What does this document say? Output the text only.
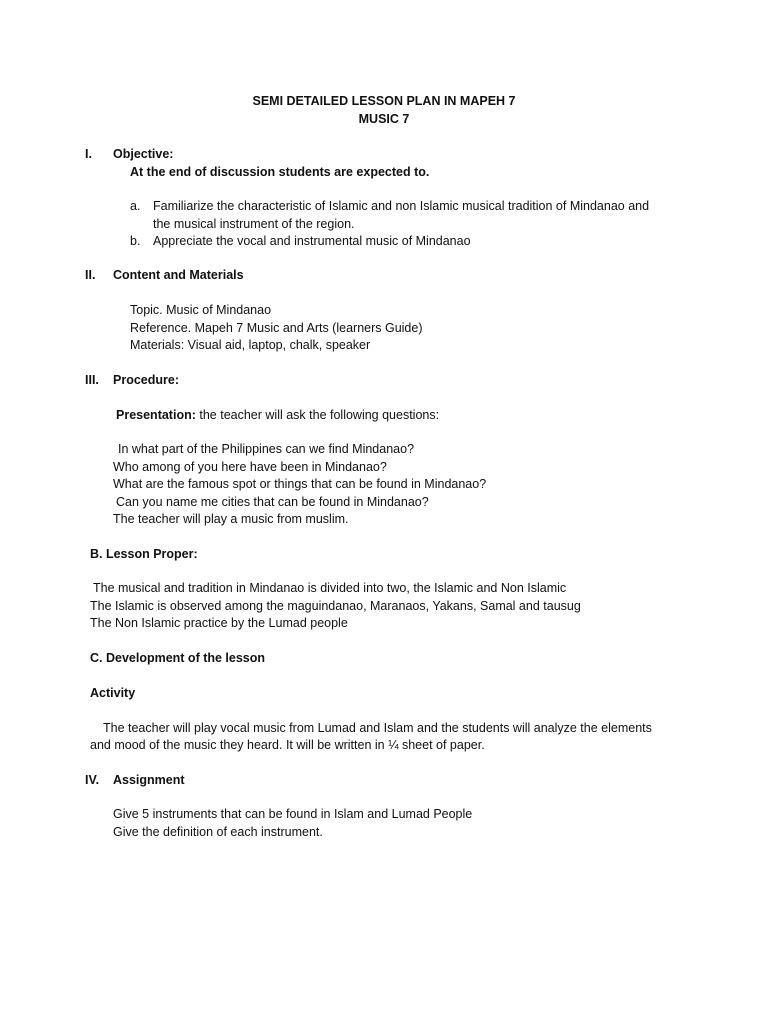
SEMI DETAILED LESSON PLAN IN MAPEH 7
MUSIC 7
I. Objective:
At the end of discussion students are expected to.
a. Familiarize the characteristic of Islamic and non Islamic musical tradition of Mindanao and
the musical instrument of the region.
b. Appreciate the vocal and instrumental music of Mindanao
II. Content and Materials
Topic. Music of Mindanao
Reference. Mapeh 7 Music and Arts (learners Guide)
Materials: Visual aid, laptop, chalk, speaker
III. Procedure:
Presentation: the teacher will ask the following questions:
In what part of the Philippines can we find Mindanao?
Who among of you here have been in Mindanao?
What are the famous spot or things that can be found in Mindanao?
Can you name me cities that can be found in Mindanao?
The teacher will play a music from muslim.
B. Lesson Proper:
The musical and tradition in Mindanao is divided into two, the Islamic and Non Islamic
The Islamic is observed among the maguindanao, Maranaos, Yakans, Samal and tausug
The Non Islamic practice by the Lumad people
C. Development of the lesson
Activity
The teacher will play vocal music from Lumad and Islam and the students will analyze the elements
and mood of the music they heard. It will be written in ¼ sheet of paper.
IV. Assignment
Give 5 instruments that can be found in Islam and Lumad People
Give the definition of each instrument.
